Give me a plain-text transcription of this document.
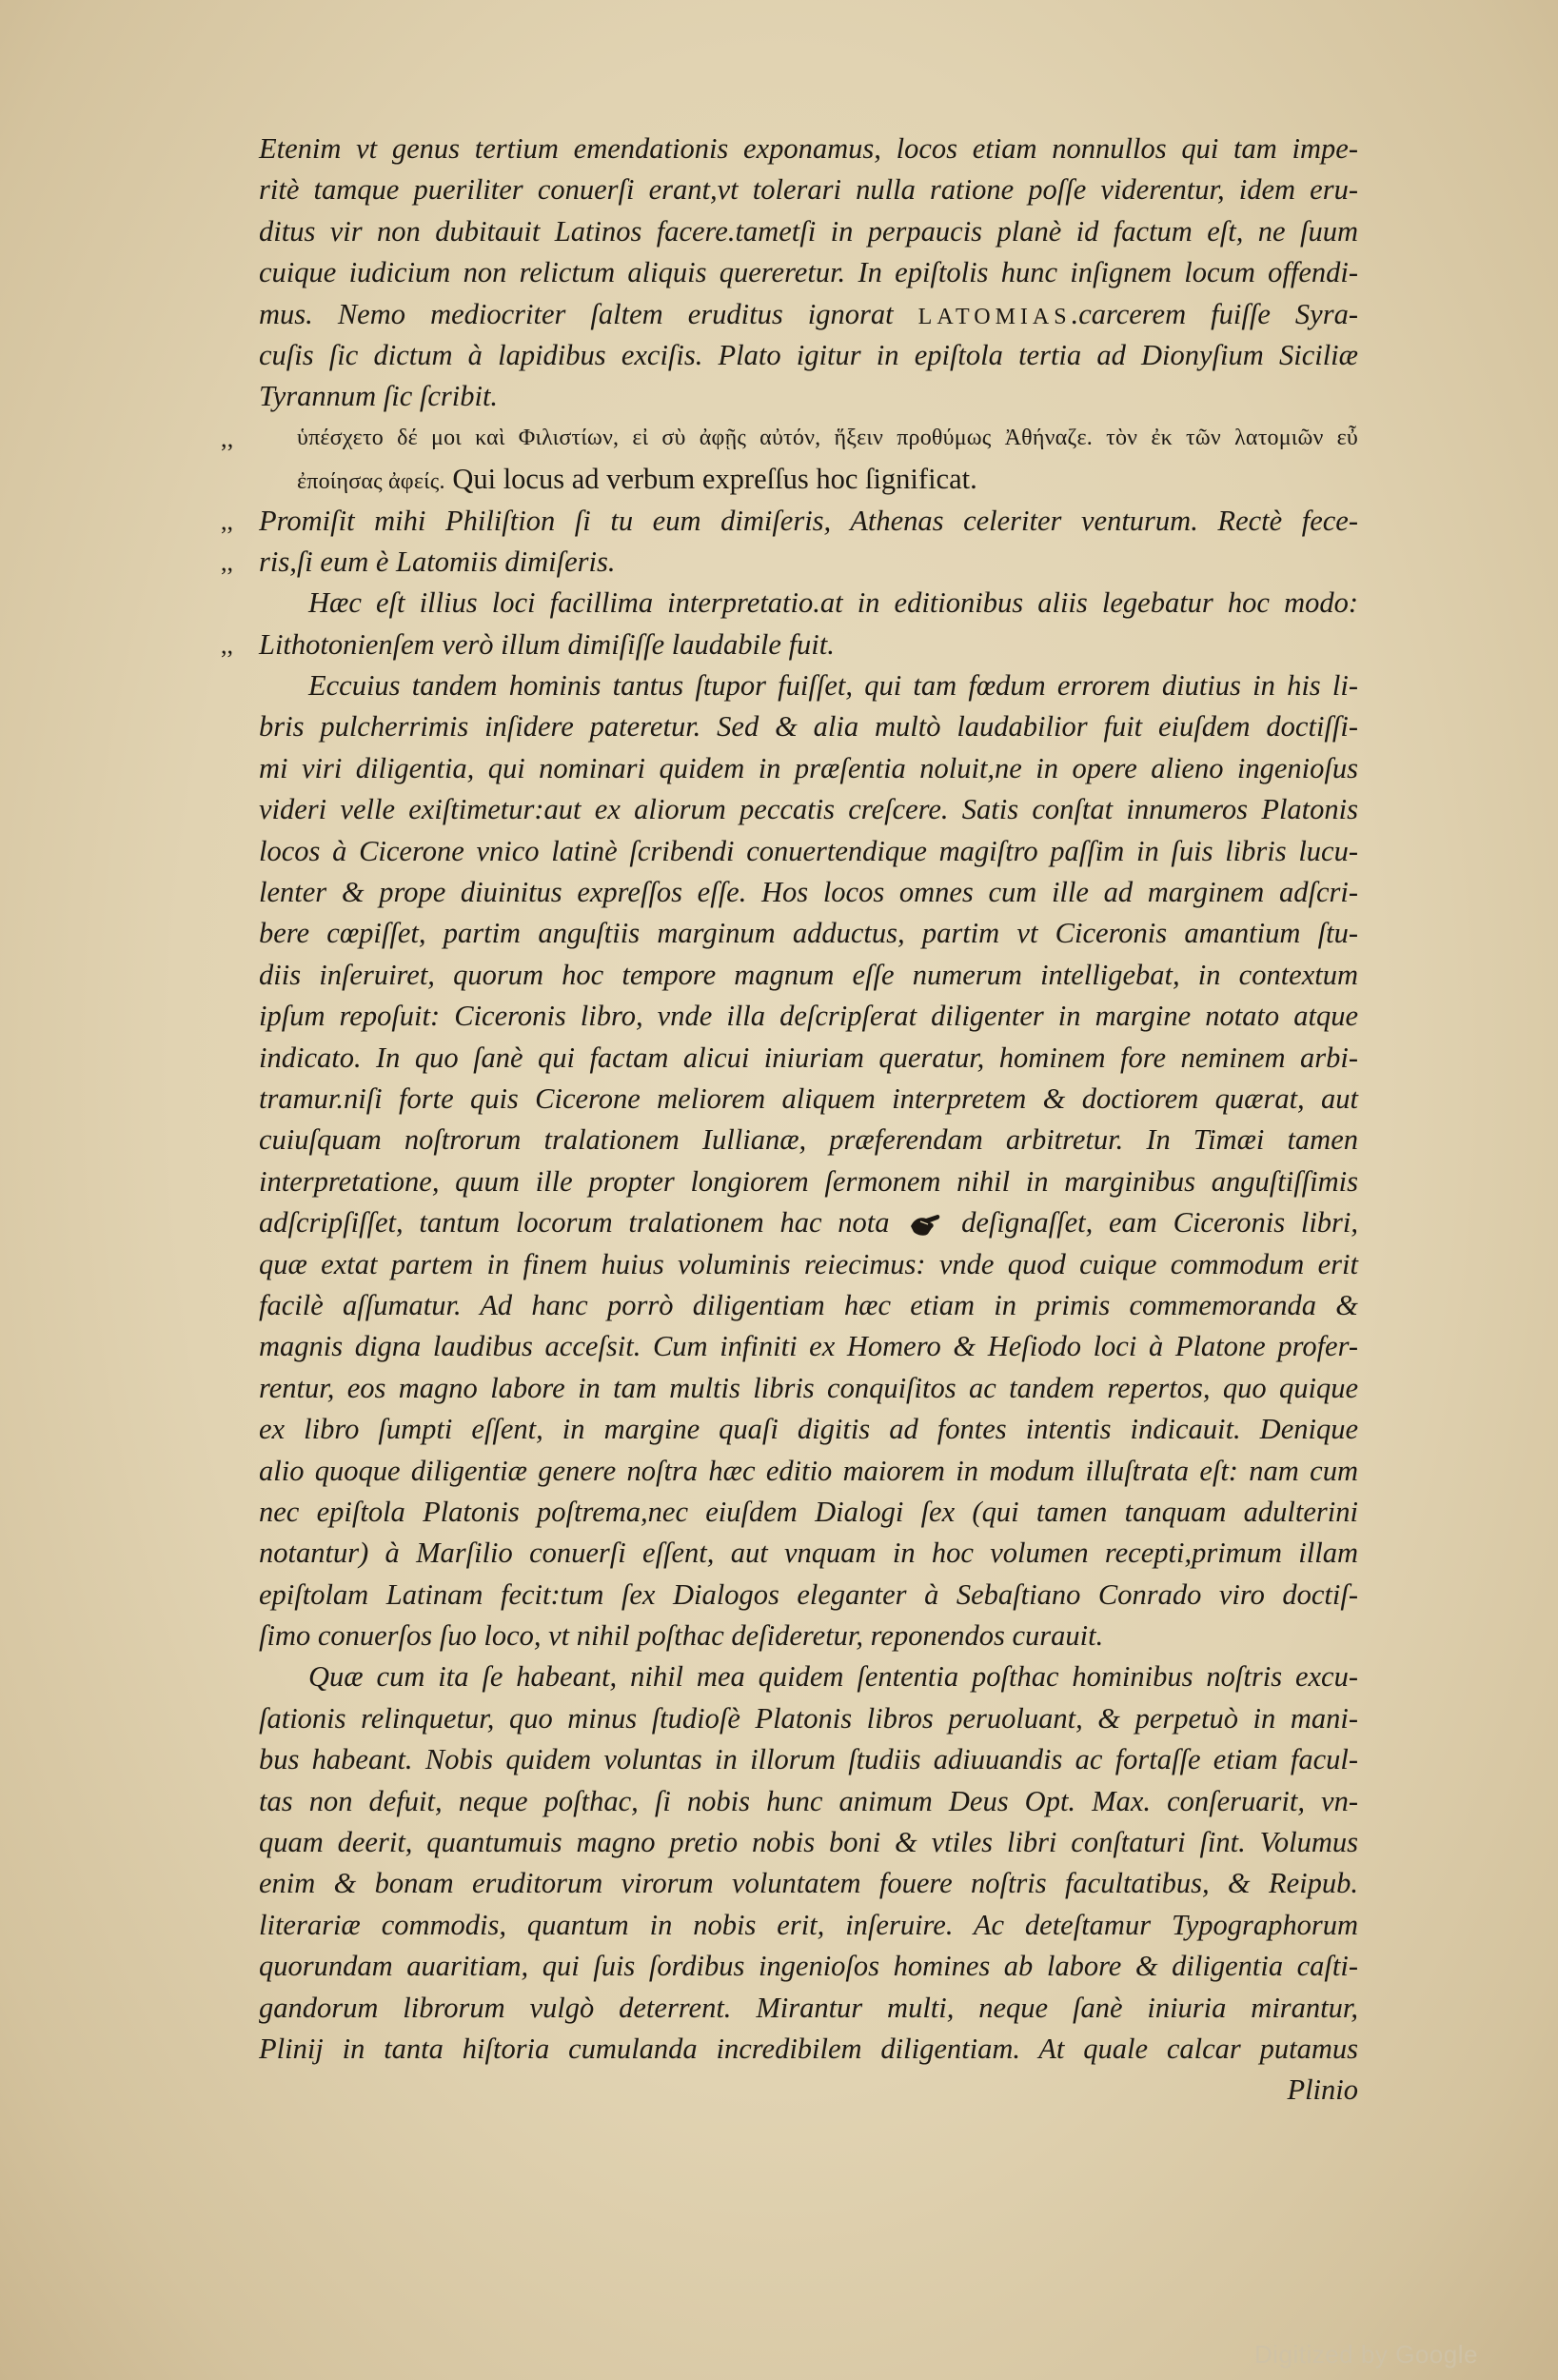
Etenim vt genus tertium emendationis exponamus, locos etiam nonnullos qui tam impe-
ritè tamque pueriliter conuerſi erant,vt tolerari nulla ratione poſſe viderentur, idem eru-
ditus vir non dubitauit Latinos facere.tametſi in perpaucis planè id factum eſt, ne ſuum
cuique iudicium non relictum aliquis quereretur. In epiſtolis hunc inſignem locum offendi-
mus. Nemo mediocriter ſaltem eruditus ignorat LATOMIAS.carcerem fuiſſe Syra-
cuſis ſic dictum à lapidibus exciſis. Plato igitur in epiſtola tertia ad Dionyſium Siciliæ
Tyrannum ſic ſcribit.
,,	ὑπέσχετο δέ μοι καὶ Φιλιστίων, εἰ σὺ ἀφῇς αὐτόν, ἥξειν προθύμως Ἀθήναζε. τὸν ἐκ τῶν λατομιῶν εὖ
ἐποίησας ἀφείς. Qui locus ad verbum expreſſus hoc ſignificat.
,, Promiſit mihi Philiſtion ſi tu eum dimiſeris, Athenas celeriter venturum. Rectè fece-
,, ris,ſi eum è Latomiis dimiſeris.
Hæc eſt illius loci facillima interpretatio.at in editionibus aliis legebatur hoc modo:
,, Lithotonienſem verò illum dimiſiſſe laudabile fuit.
Eccuius tandem hominis tantus ſtupor fuiſſet, qui tam fœdum errorem diutius in his li-
bris pulcherrimis inſidere pateretur. Sed & alia multò laudabilior fuit eiuſdem doctiſſi-
mi viri diligentia, qui nominari quidem in præſentia noluit,ne in opere alieno ingenioſus
videri velle exiſtimetur:aut ex aliorum peccatis creſcere. Satis conſtat innumeros Platonis
locos à Cicerone vnico latinè ſcribendi conuertendique magiſtro paſſim in ſuis libris lucu-
lenter & prope diuinitus expreſſos eſſe. Hos locos omnes cum ille ad marginem adſcri-
bere cœpiſſet, partim anguſtiis marginum adductus, partim vt Ciceronis amantium ſtu-
diis inſeruiret, quorum hoc tempore magnum eſſe numerum intelligebat, in contextum
ipſum repoſuit: Ciceronis libro, vnde illa deſcripſerat diligenter in margine notato atque
indicato. In quo ſanè qui factam alicui iniuriam queratur, hominem fore neminem arbi-
tramur.niſi forte quis Cicerone meliorem aliquem interpretem & doctiorem quærat, aut
cuiuſquam noſtrorum tralationem Iullianæ, præferendam arbitretur. In Timæi tamen
interpretatione, quum ille propter longiorem ſermonem nihil in marginibus anguſtiſſimis
adſcripſiſſet, tantum locorum tralationem hac nota deſignaſſet, eam Ciceronis libri,
quæ extat partem in finem huius voluminis reiecimus: vnde quod cuique commodum erit
facilè aſſumatur. Ad hanc porrò diligentiam hæc etiam in primis commemoranda &
magnis digna laudibus acceſsit. Cum infiniti ex Homero & Heſiodo loci à Platone profer-
rentur, eos magno labore in tam multis libris conquiſitos ac tandem repertos, quo quique
ex libro ſumpti eſſent, in margine quaſi digitis ad fontes intentis indicauit. Denique
alio quoque diligentiæ genere noſtra hæc editio maiorem in modum illuſtrata eſt: nam cum
nec epiſtola Platonis poſtrema,nec eiuſdem Dialogi ſex (qui tamen tanquam adulterini
notantur) à Marſilio conuerſi eſſent, aut vnquam in hoc volumen recepti,primum illam
epiſtolam Latinam fecit:tum ſex Dialogos eleganter à Sebaſtiano Conrado viro doctiſ-
ſimo conuerſos ſuo loco, vt nihil poſthac deſideretur, reponendos curauit.
Quæ cum ita ſe habeant, nihil mea quidem ſententia poſthac hominibus noſtris excu-
ſationis relinquetur, quo minus ſtudioſè Platonis libros peruoluant, & perpetuò in mani-
bus habeant. Nobis quidem voluntas in illorum ſtudiis adiuuandis ac fortaſſe etiam facul-
tas non defuit, neque poſthac, ſi nobis hunc animum Deus Opt. Max. conſeruarit, vn-
quam deerit, quantumuis magno pretio nobis boni & vtiles libri conſtaturi ſint. Volumus
enim & bonam eruditorum virorum voluntatem fouere noſtris facultatibus, & Reipub.
literariæ commodis, quantum in nobis erit, inſeruire. Ac deteſtamur Typographorum
quorundam auaritiam, qui ſuis ſordibus ingenioſos homines ab labore & diligentia caſti-
gandorum librorum vulgò deterrent. Mirantur multi, neque ſanè iniuria mirantur,
Plinij in tanta hiſtoria cumulanda incredibilem diligentiam. At quale calcar putamus
Plinio
Digitized by Google
